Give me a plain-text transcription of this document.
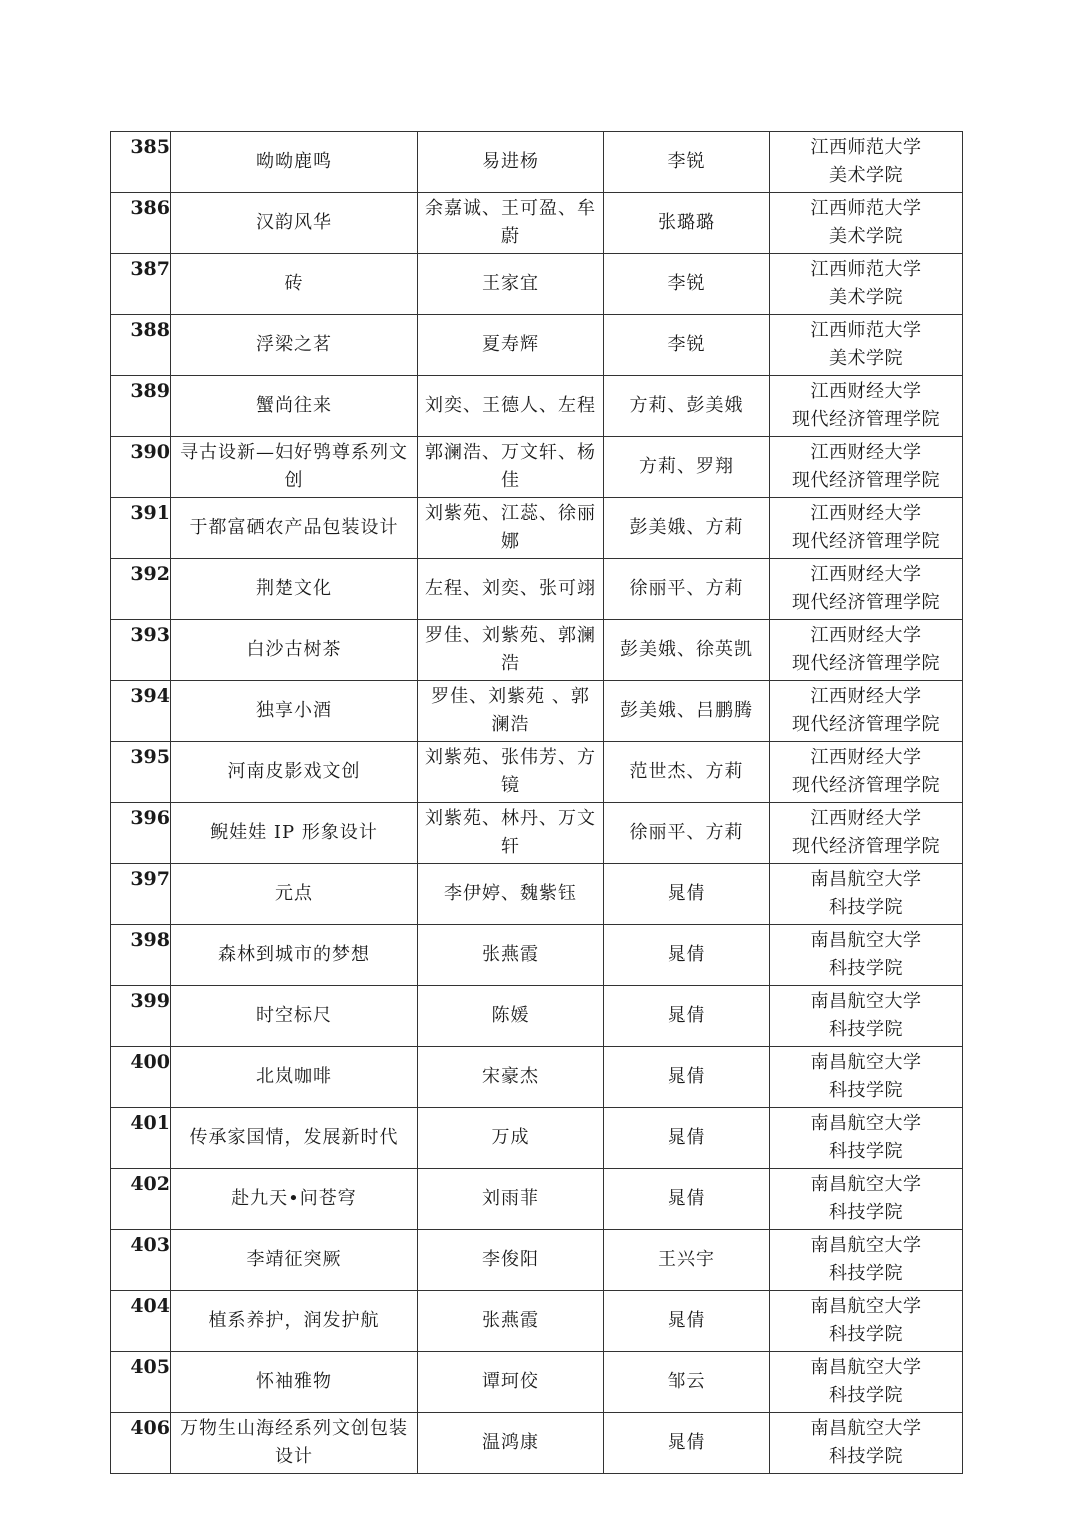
385	呦呦鹿鸣	易进杨	李锐	江西师范大学
美术学院

386	汉韵风华	余嘉诚、王可盈、牟蔚	张璐璐	江西师范大学
美术学院

387	砖	王家宜	李锐	江西师范大学
美术学院

388	浮梁之茗	夏寿辉	李锐	江西师范大学
美术学院

389	蟹尚往来	刘奕、王德人、左程	方莉、彭美娥	江西财经大学
现代经济管理学院

390	寻古设新—妇好鸮尊系列文创	郭澜浩、万文轩、杨佳	方莉、罗翔	江西财经大学
现代经济管理学院

391	于都富硒农产品包装设计	刘紫苑、江蕊、徐丽娜	彭美娥、方莉	江西财经大学
现代经济管理学院

392	荆楚文化	左程、刘奕、张可翊	徐丽平、方莉	江西财经大学
现代经济管理学院

393	白沙古树茶	罗佳、刘紫苑、郭澜浩	彭美娥、徐英凯	江西财经大学
现代经济管理学院

394	独享小酒	罗佳、刘紫苑 、郭澜浩	彭美娥、吕鹏腾	江西财经大学
现代经济管理学院

395	河南皮影戏文创	刘紫苑、张伟芳、方镜	范世杰、方莉	江西财经大学
现代经济管理学院

396	鲵娃娃 IP 形象设计	刘紫苑、林丹、万文轩	徐丽平、方莉	江西财经大学
现代经济管理学院

397	元点	李伊婷、魏紫钰	晁倩	南昌航空大学
科技学院

398	森林到城市的梦想	张燕霞	晁倩	南昌航空大学
科技学院

399	时空标尺	陈媛	晁倩	南昌航空大学
科技学院

400	北岚咖啡	宋豪杰	晁倩	南昌航空大学
科技学院

401	传承家国情，发展新时代	万成	晁倩	南昌航空大学
科技学院

402	赴九天•问苍穹	刘雨菲	晁倩	南昌航空大学
科技学院

403	李靖征突厥	李俊阳	王兴宇	南昌航空大学
科技学院

404	植系养护，润发护航	张燕霞	晁倩	南昌航空大学
科技学院

405	怀袖雅物	谭珂佼	邹云	南昌航空大学
科技学院

406	万物生山海经系列文创包装设计	温鸿康	晁倩	南昌航空大学
科技学院
